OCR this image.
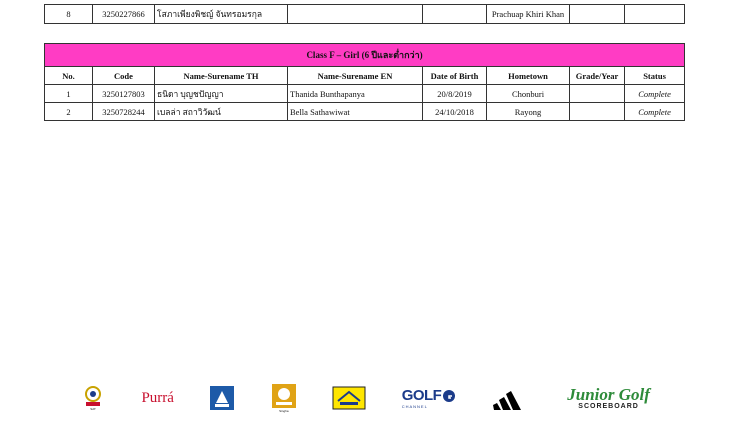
8	3250227866	โสภาเพียงพิชญ์ จันทรอมรกุล			Prachuap Khiri Khan		
Class F – Girl (6 ปีและต่ำกว่า)							
No.	Code	Name-Surename TH	Name-Surename EN	Date of Birth	Hometown	Grade/Year	Status
1	3250127803	ธนิดา บุญชปัญญา	Thanida Bunthapanya	20/8/2019	Chonburi		Complete
2	3250728244	เบลล่า สถาวิวัฒน์	Bella Sathawiwat	24/10/2018	Rayong		Complete
SAT
Purrá
Singha
GOLF
CHANNEL
Junior Golf
SCOREBOARD
